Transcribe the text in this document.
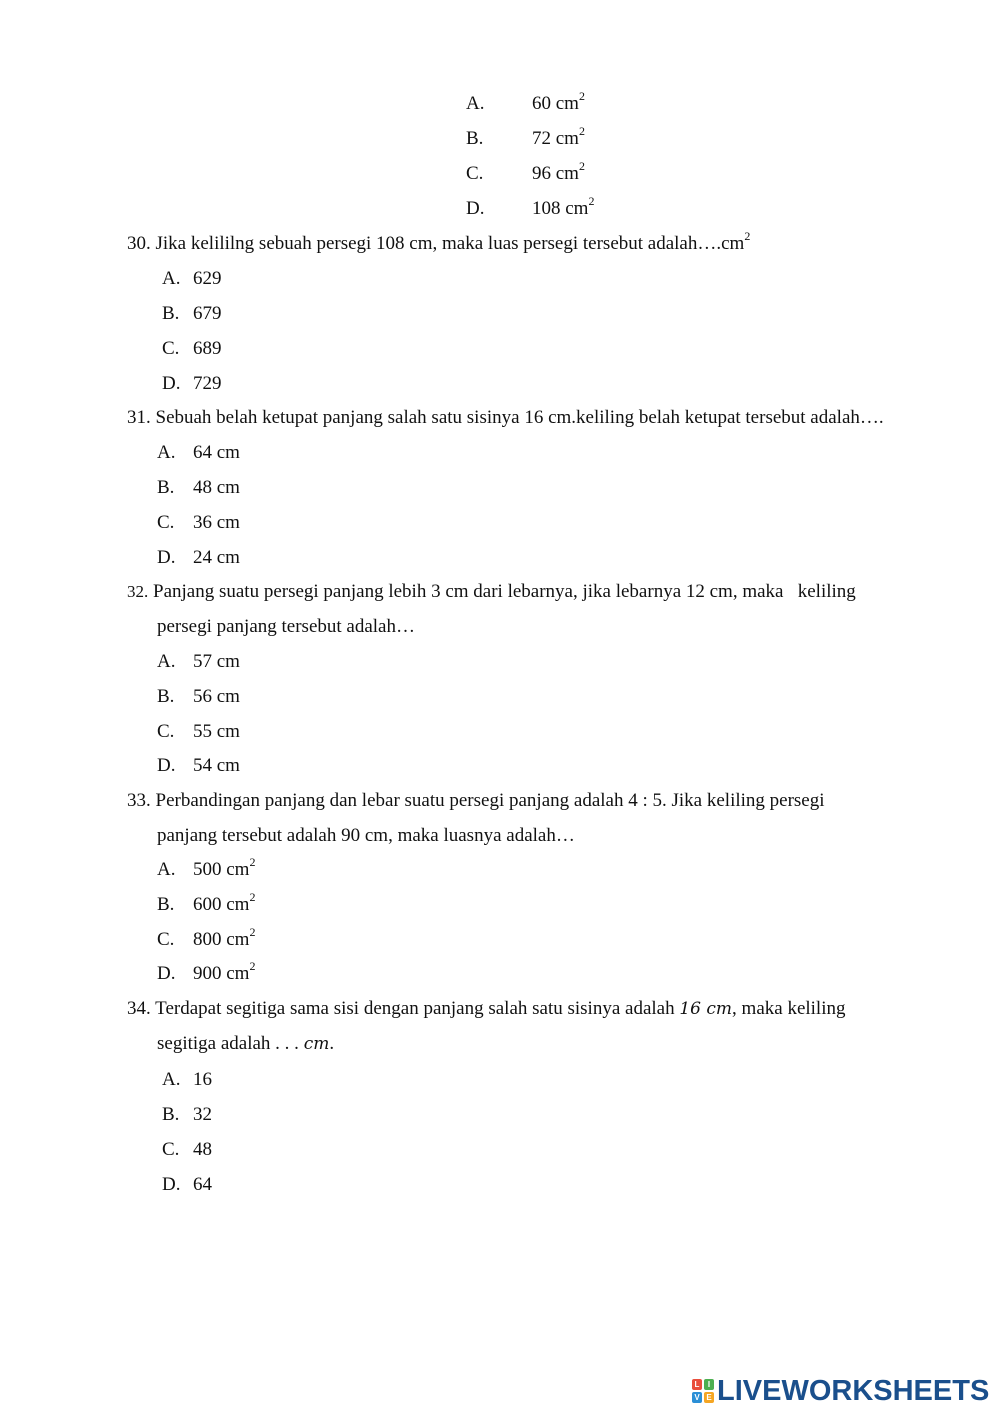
A.	60 $cm^2$
B.	72 $cm^2$
C.	96 $cm^2$
D.	108 $cm^2$
30. Jika kelililng sebuah persegi 108 cm, maka luas persegi tersebut $adalah\dots.cm^2$
A. 629
B. 679
C. 689
D. 729
31. Sebuah belah ketupat panjang salah satu sisinya 16 cm.keliling belah ketupat tersebut adalah….
A. 64 cm
B. 48 cm
C. 36 cm
D. 24 cm
32. Panjang suatu persegi panjang lebih 3 cm dari lebarnya, jika lebarnya 12 cm, maka   keliling
persegi panjang tersebut adalah…
A. 57 cm
B. 56 cm
C. 55 cm
D. 54 cm
33. Perbandingan panjang dan lebar suatu persegi panjang adalah 4 : 5. Jika keliling persegi
panjang tersebut adalah 90 cm, maka luasnya adalah…
A. 500 $cm^2$
B. 600 $cm^2$
C. 800 $cm^2$
D. 900 $cm^2$
34. Terdapat segitiga sama sisi dengan panjang salah satu sisinya adalah 16 cm, maka keliling
segitiga adalah . . . cm.
A. 16
B. 32
C. 48
D. 64
L	I
V E LIVEWORKSHEETS
